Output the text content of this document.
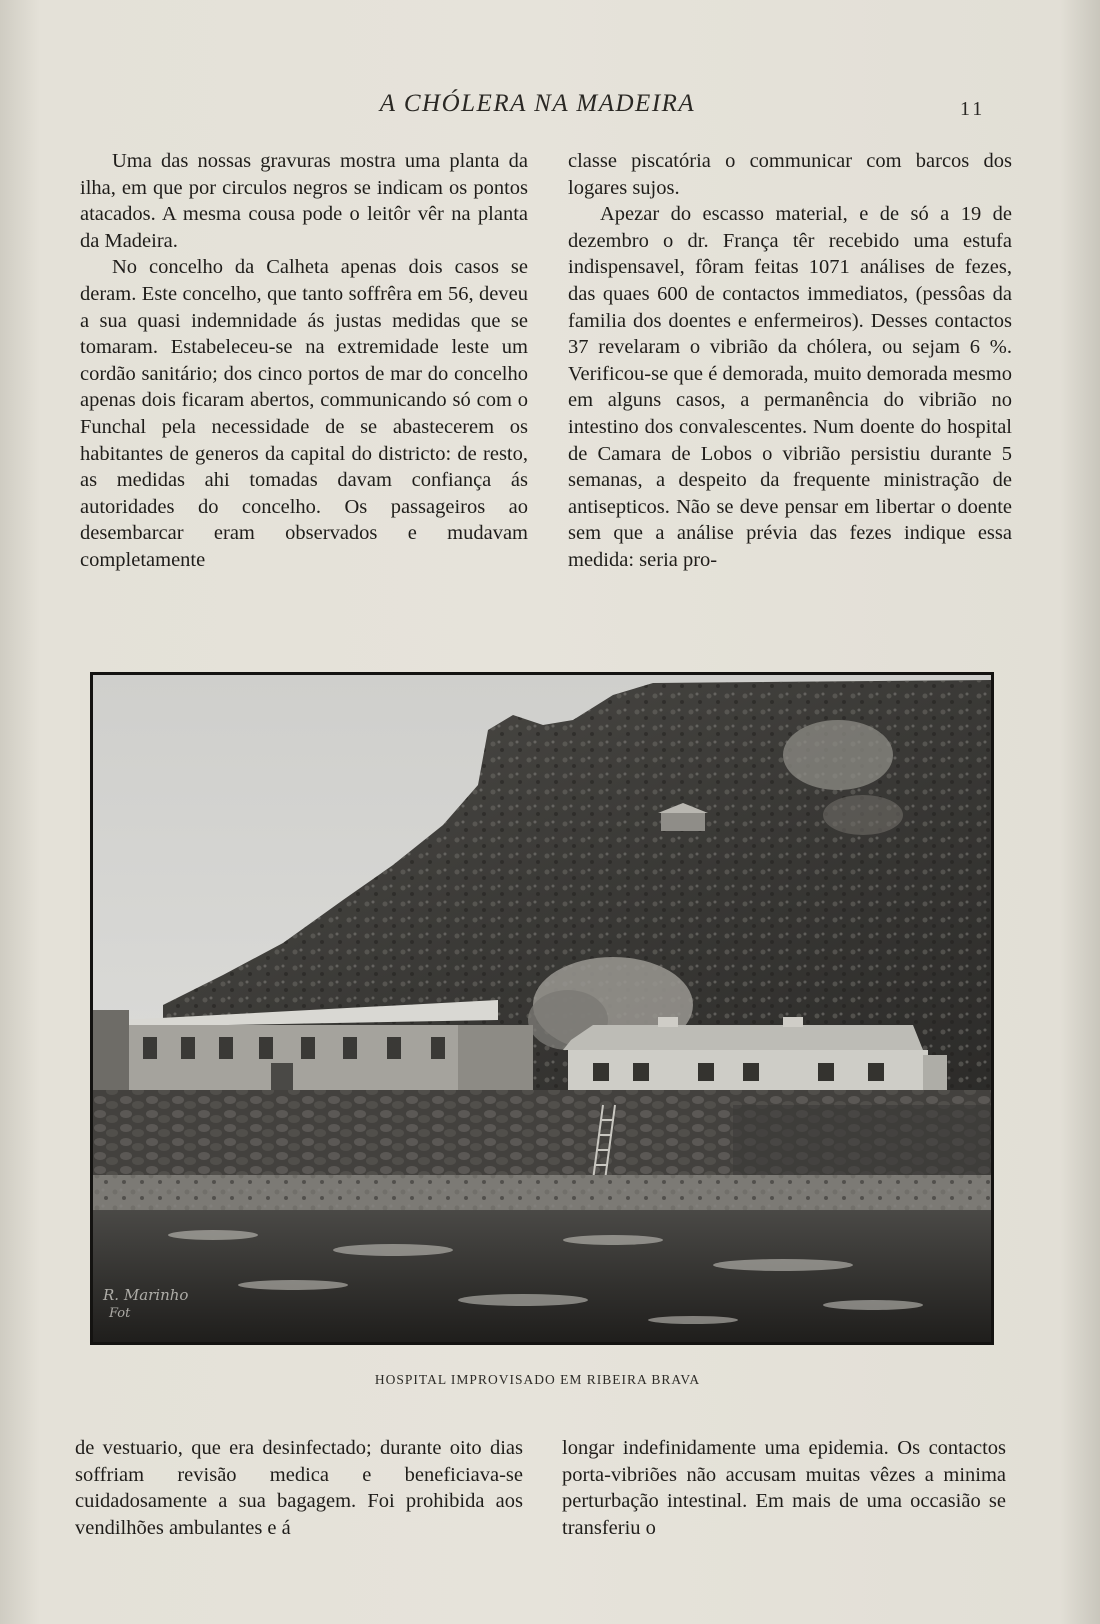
A CHÓLERA NA MADEIRA	11

Uma das nossas gravuras mostra uma planta da ilha, em que por circulos negros se indicam os pontos atacados. A mesma cousa pode o leitôr vêr na planta da Madeira.

No concelho da Calheta apenas dois casos se deram. Este concelho, que tanto soffrêra em 56, deveu a sua quasi indemnidade ás justas medidas que se tomaram. Estabeleceu-se na extremidade leste um cordão sanitário; dos cinco portos de mar do concelho apenas dois ficaram abertos, communicando só com o Funchal pela necessidade de se abastecerem os habitantes de generos da capital do districto: de resto, as medidas ahi tomadas davam confiança ás autoridades do concelho. Os passageiros ao desembarcar eram observados e mudavam completamente

classe piscatória o communicar com barcos dos logares sujos.

Apezar do escasso material, e de só a 19 de dezembro o dr. França têr recebido uma estufa indispensavel, fôram feitas 1071 análises de fezes, das quaes 600 de contactos immediatos, (pessôas da familia dos doentes e enfermeiros). Desses contactos 37 revelaram o vibrião da chólera, ou sejam 6 %. Verificou-se que é demorada, muito demorada mesmo em alguns casos, a permanência do vibrião no intestino dos convalescentes. Num doente do hospital de Camara de Lobos o vibrião persistiu durante 5 semanas, a despeito da frequente ministração de antisepticos. Não se deve pensar em libertar o doente sem que a análise prévia das fezes indique essa medida: seria pro-

R. Marinho
Fot
HOSPITAL IMPROVISADO EM RIBEIRA BRAVA

de vestuario, que era desinfectado; durante oito dias soffriam revisão medica e beneficiava-se cuidadosamente a sua bagagem. Foi prohibida aos vendilhões ambulantes e á

longar indefinidamente uma epidemia. Os contactos porta-vibriões não accusam muitas vêzes a minima perturbação intestinal. Em mais de uma occasião se transferiu o
